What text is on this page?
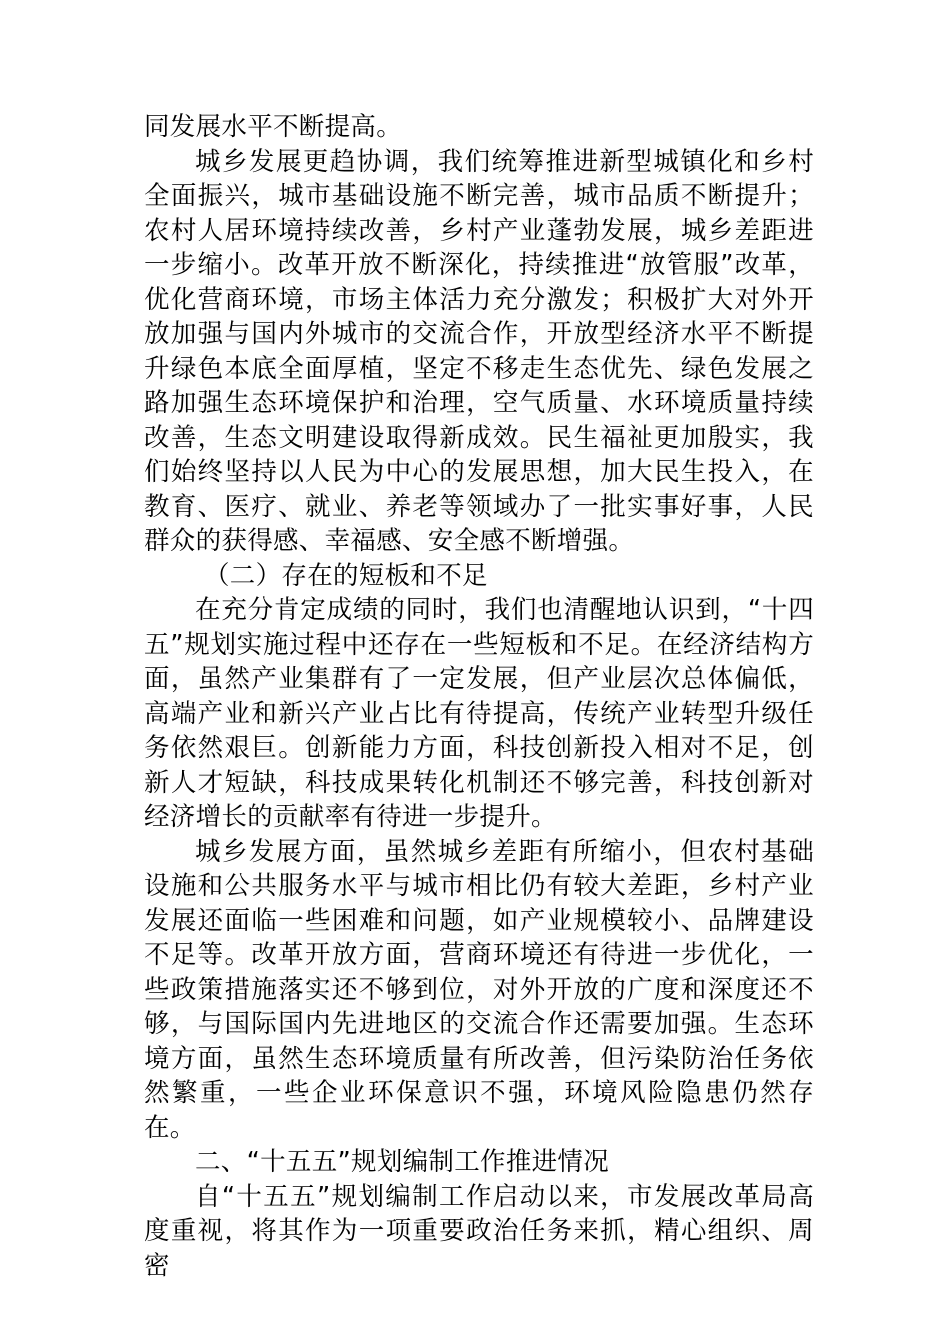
同发展水平不断提高。

城乡发展更趋协调，我们统筹推进新型城镇化和乡村全面振兴，城市基础设施不断完善，城市品质不断提升；农村人居环境持续改善，乡村产业蓬勃发展，城乡差距进一步缩小。改革开放不断深化，持续推进“放管服”改革，优化营商环境，市场主体活力充分激发；积极扩大对外开放加强与国内外城市的交流合作，开放型经济水平不断提升绿色本底全面厚植，坚定不移走生态优先、绿色发展之路加强生态环境保护和治理，空气质量、水环境质量持续改善，生态文明建设取得新成效。民生福祉更加殷实，我们始终坚持以人民为中心的发展思想，加大民生投入，在教育、医疗、就业、养老等领域办了一批实事好事，人民群众的获得感、幸福感、安全感不断增强。

（二）存在的短板和不足

在充分肯定成绩的同时，我们也清醒地认识到，“十四五”规划实施过程中还存在一些短板和不足。在经济结构方面，虽然产业集群有了一定发展，但产业层次总体偏低，高端产业和新兴产业占比有待提高，传统产业转型升级任务依然艰巨。创新能力方面，科技创新投入相对不足，创新人才短缺，科技成果转化机制还不够完善，科技创新对经济增长的贡献率有待进一步提升。

城乡发展方面，虽然城乡差距有所缩小，但农村基础设施和公共服务水平与城市相比仍有较大差距，乡村产业发展还面临一些困难和问题，如产业规模较小、品牌建设不足等。改革开放方面，营商环境还有待进一步优化，一些政策措施落实还不够到位，对外开放的广度和深度还不够，与国际国内先进地区的交流合作还需要加强。生态环境方面，虽然生态环境质量有所改善，但污染防治任务依然繁重，一些企业环保意识不强，环境风险隐患仍然存在。

二、“十五五”规划编制工作推进情况

自“十五五”规划编制工作启动以来，市发展改革局高度重视，将其作为一项重要政治任务来抓，精心组织、周密
